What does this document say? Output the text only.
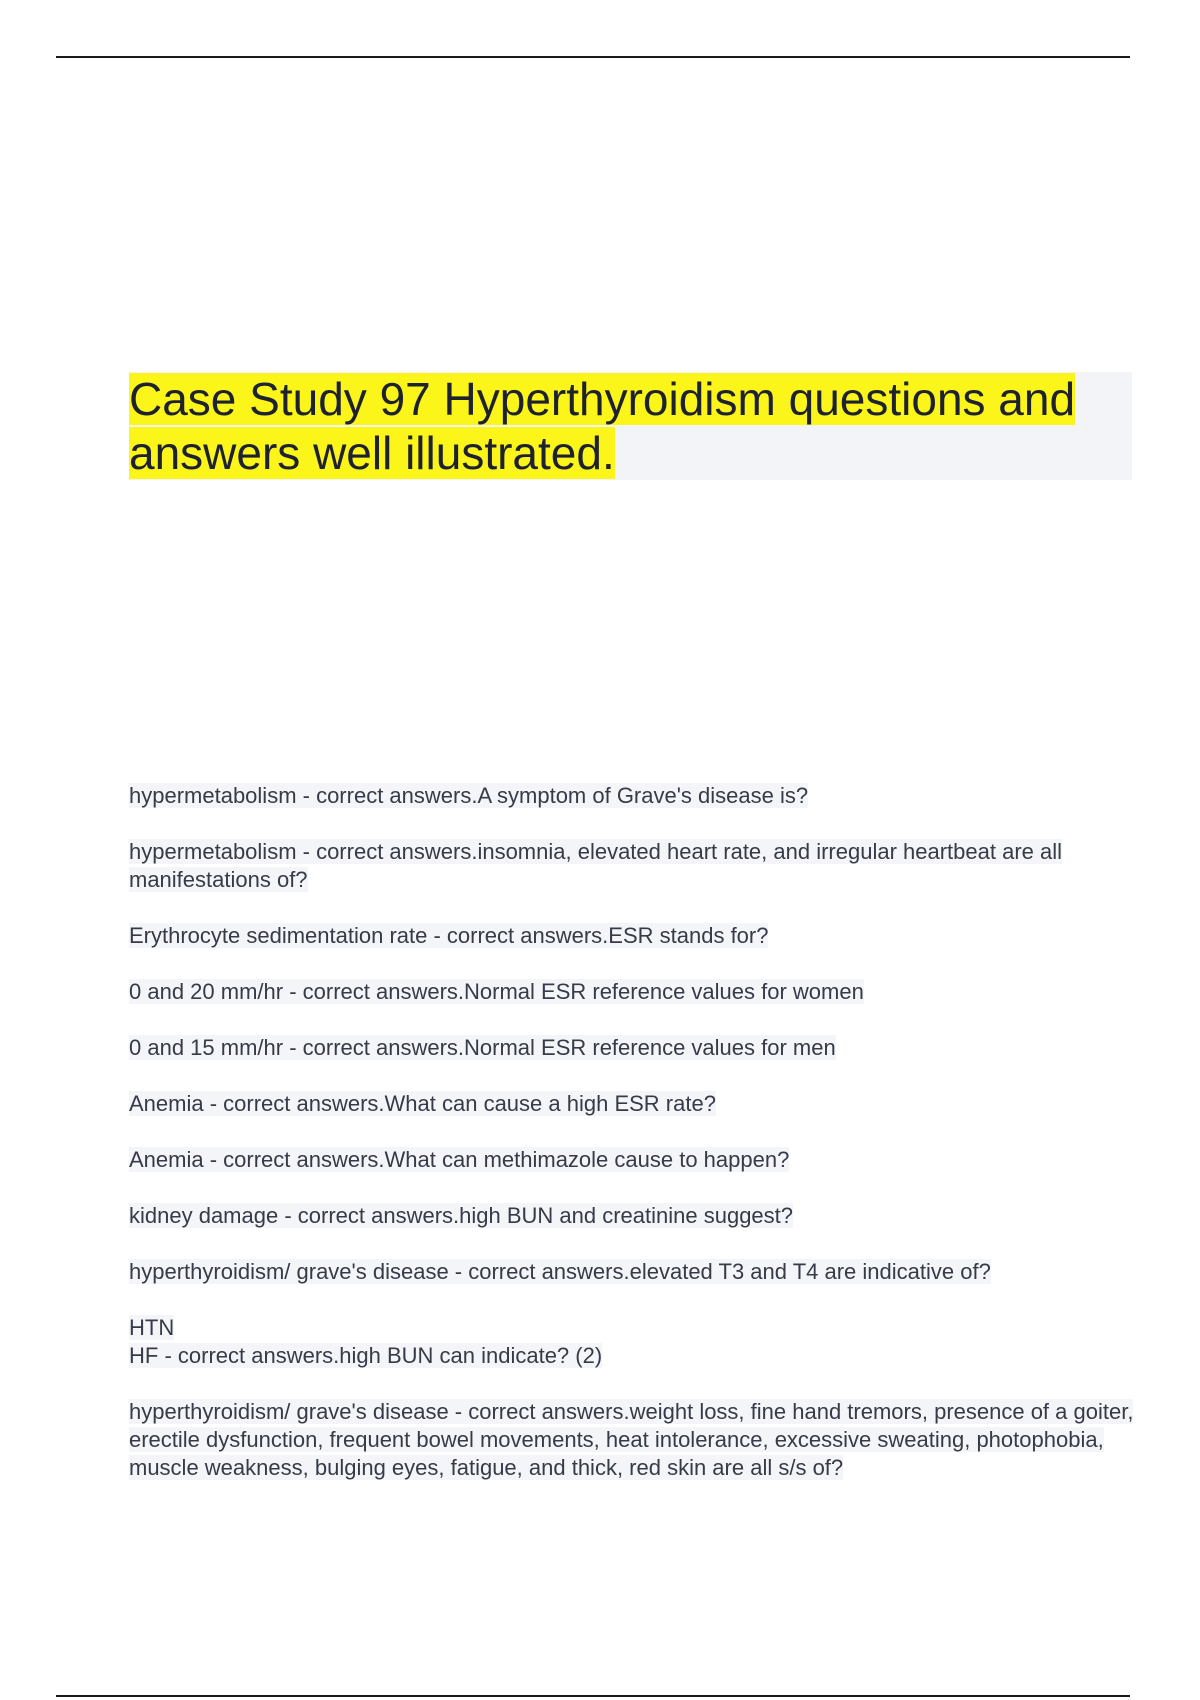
Case Study 97 Hyperthyroidism questions and answers well illustrated.
hypermetabolism - correct answers.A symptom of Grave's disease is?
hypermetabolism - correct answers.insomnia, elevated heart rate, and irregular heartbeat are all manifestations of?
Erythrocyte sedimentation rate - correct answers.ESR stands for?
0 and 20 mm/hr - correct answers.Normal ESR reference values for women
0 and 15 mm/hr - correct answers.Normal ESR reference values for men
Anemia - correct answers.What can cause a high ESR rate?
Anemia - correct answers.What can methimazole cause to happen?
kidney damage - correct answers.high BUN and creatinine suggest?
hyperthyroidism/ grave's disease - correct answers.elevated T3 and T4 are indicative of?
HTN
HF - correct answers.high BUN can indicate? (2)
hyperthyroidism/ grave's disease - correct answers.weight loss, fine hand tremors, presence of a goiter, erectile dysfunction, frequent bowel movements, heat intolerance, excessive sweating, photophobia, muscle weakness, bulging eyes, fatigue, and thick, red skin are all s/s of?
